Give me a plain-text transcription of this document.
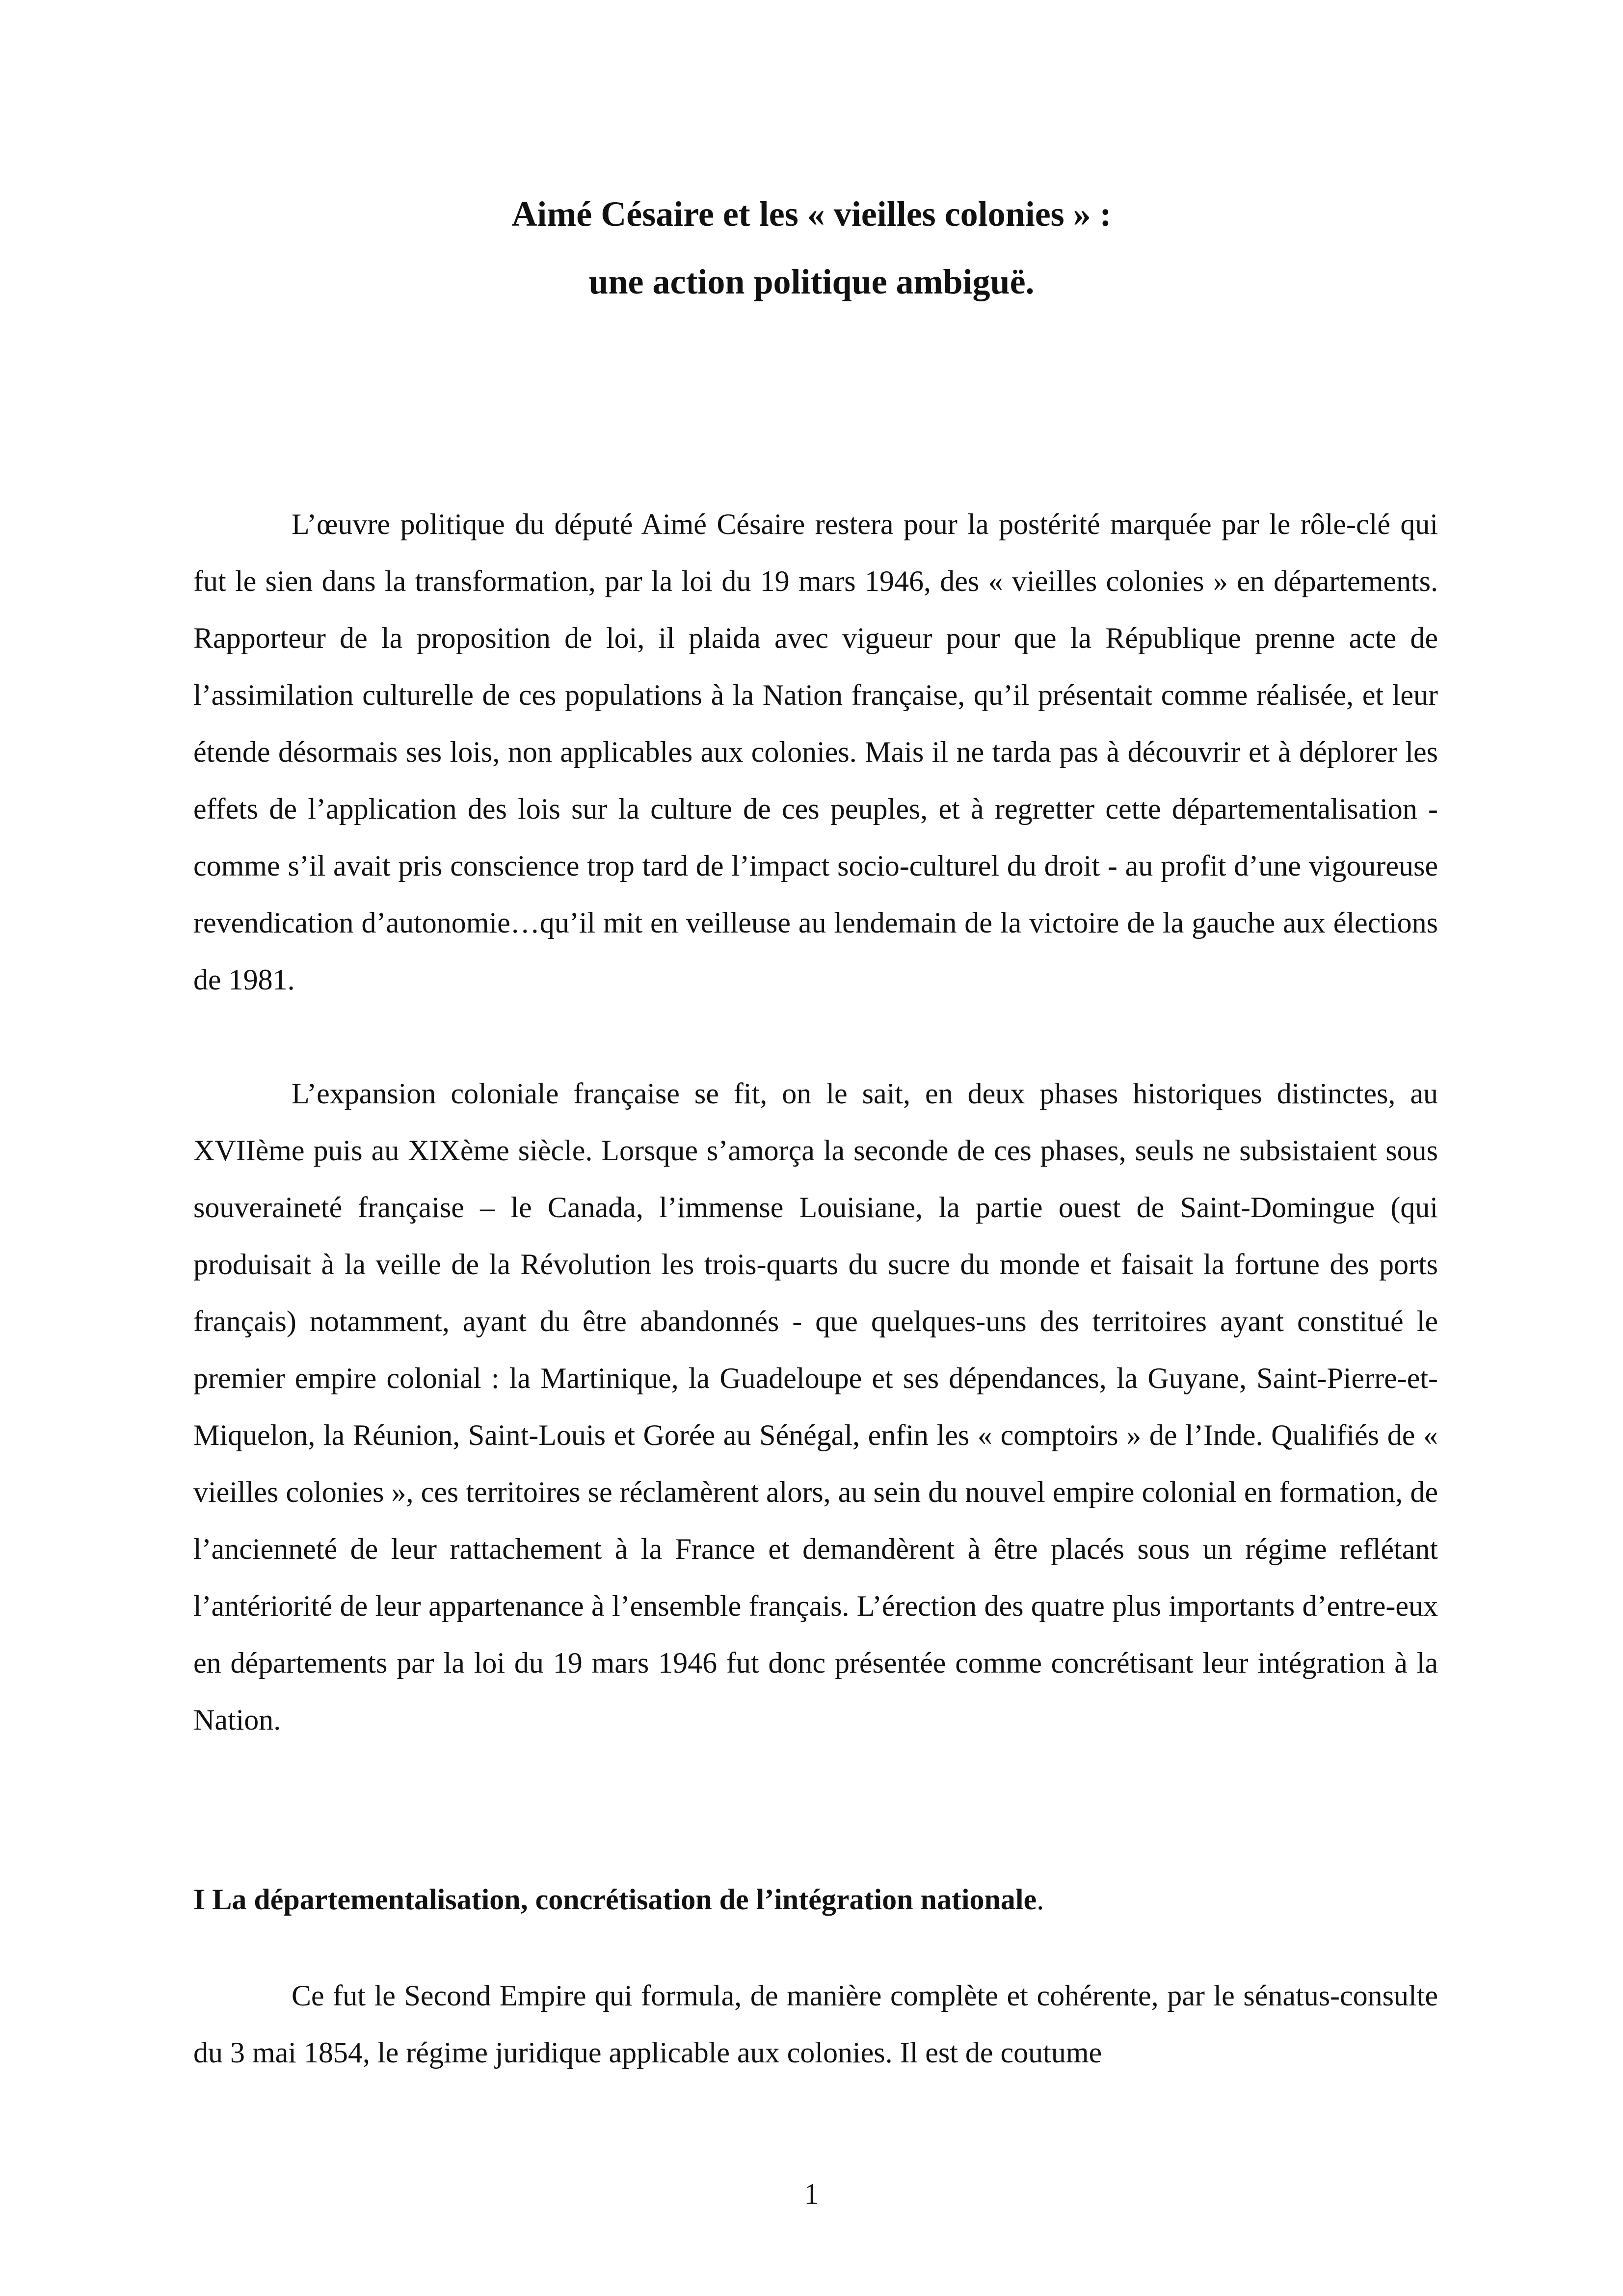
Aimé Césaire et les « vieilles colonies » :
une action politique ambiguë.

L’œuvre politique du député Aimé Césaire restera pour la postérité marquée par le rôle-clé qui fut le sien dans la transformation, par la loi du 19 mars 1946, des « vieilles colonies » en départements. Rapporteur de la proposition de loi, il plaida avec vigueur pour que la République prenne acte de l’assimilation culturelle de ces populations à la Nation française, qu’il présentait comme réalisée, et leur étende désormais ses lois, non applicables aux colonies. Mais il ne tarda pas à découvrir et à déplorer les effets de l’application des lois sur la culture de ces peuples, et à regretter cette départementalisation - comme s’il avait pris conscience trop tard de l’impact socio-culturel du droit - au profit d’une vigoureuse revendication d’autonomie…qu’il mit en veilleuse au lendemain de la victoire de la gauche aux élections de 1981.

L’expansion coloniale française se fit, on le sait, en deux phases historiques distinctes, au XVIIème puis au XIXème siècle. Lorsque s’amorça la seconde de ces phases, seuls ne subsistaient sous souveraineté française – le Canada, l’immense Louisiane, la partie ouest de Saint-Domingue (qui produisait à la veille de la Révolution les trois-quarts du sucre du monde et faisait la fortune des ports français) notamment, ayant du être abandonnés - que quelques-uns des territoires ayant constitué le premier empire colonial : la Martinique, la Guadeloupe et ses dépendances, la Guyane, Saint-Pierre-et-Miquelon, la Réunion, Saint-Louis et Gorée au Sénégal, enfin les « comptoirs » de l’Inde. Qualifiés de « vieilles colonies », ces territoires se réclamèrent alors, au sein du nouvel empire colonial en formation, de l’ancienneté de leur rattachement à la France et demandèrent à être placés sous un régime reflétant l’antériorité de leur appartenance à l’ensemble français. L’érection des quatre plus importants d’entre-eux en départements par la loi du 19 mars 1946 fut donc présentée comme concrétisant leur intégration à la Nation.

I La départementalisation, concrétisation de l’intégration nationale.

Ce fut le Second Empire qui formula, de manière complète et cohérente, par le sénatus-consulte du 3 mai 1854, le régime juridique applicable aux colonies. Il est de coutume

1
